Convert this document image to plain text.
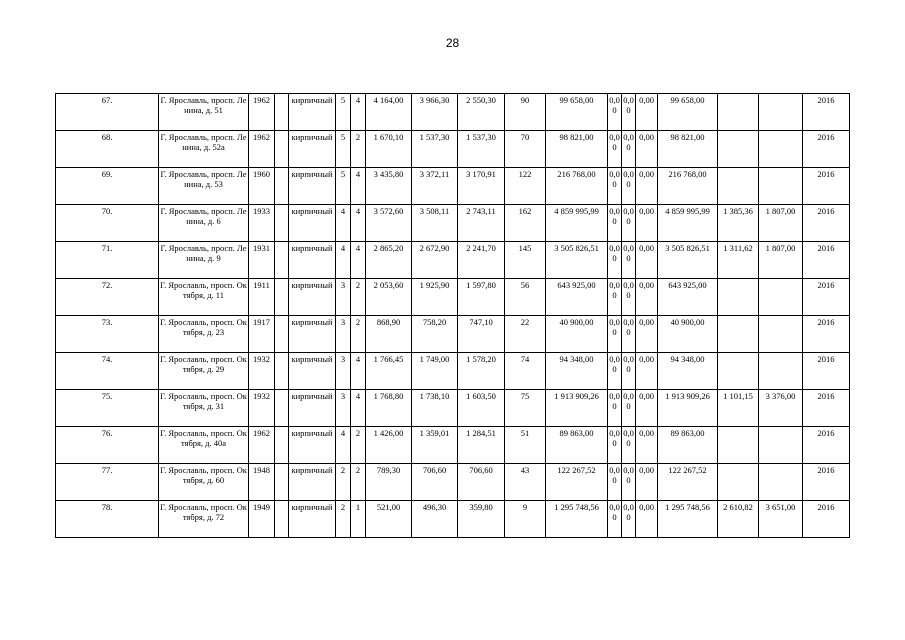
28
67.	Г. Ярославль, просп. Ленина, д. 51	1962		кирпичный	5	4	4 164,00	3 966,30	2 550,30	90	99 658,00	0,00	0,00	0,00	99 658,00			2016
68.	Г. Ярославль, просп. Ленина, д. 52а	1962		кирпичный	5	2	1 670,10	1 537,30	1 537,30	70	98 821,00	0,00	0,00	0,00	98 821,00			2016
69.	Г. Ярославль, просп. Ленина, д. 53	1960		кирпичный	5	4	3 435,80	3 372,11	3 170,91	122	216 768,00	0,00	0,00	0,00	216 768,00			2016
70.	Г. Ярославль, просп. Ленина, д. 6	1933		кирпичный	4	4	3 572,60	3 508,11	2 743,11	162	4 859 995,99	0,00	0,00	0,00	4 859 995,99	1 385,36	1 807,00	2016
71.	Г. Ярославль, просп. Ленина, д. 9	1931		кирпичный	4	4	2 865,20	2 672,90	2 241,70	145	3 505 826,51	0,00	0,00	0,00	3 505 826,51	1 311,62	1 807,00	2016
72.	Г. Ярославль, просп. Октября, д. 11	1911		кирпичный	3	2	2 053,60	1 925,90	1 597,80	56	643 925,00	0,00	0,00	0,00	643 925,00			2016
73.	Г. Ярославль, просп. Октября, д. 23	1917		кирпичный	3	2	868,90	758,20	747,10	22	40 900,00	0,00	0,00	0,00	40 900,00			2016
74.	Г. Ярославль, просп. Октября, д. 29	1932		кирпичный	3	4	1 766,45	1 749,00	1 578,20	74	94 348,00	0,00	0,00	0,00	94 348,00			2016
75.	Г. Ярославль, просп. Октября, д. 31	1932		кирпичный	3	4	1 768,80	1 738,10	1 603,50	75	1 913 909,26	0,00	0,00	0,00	1 913 909,26	1 101,15	3 376,00	2016
76.	Г. Ярославль, просп. Октября, д. 40а	1962		кирпичный	4	2	1 426,00	1 359,01	1 284,51	51	89 863,00	0,00	0,00	0,00	89 863,00			2016
77.	Г. Ярославль, просп. Октября, д. 60	1948		кирпичный	2	2	789,30	706,60	706,60	43	122 267,52	0,00	0,00	0,00	122 267,52			2016
78.	Г. Ярославль, просп. Октября, д. 72	1949		кирпичный	2	1	521,00	496,30	359,80	9	1 295 748,56	0,00	0,00	0,00	1 295 748,56	2 610,82	3 651,00	2016
